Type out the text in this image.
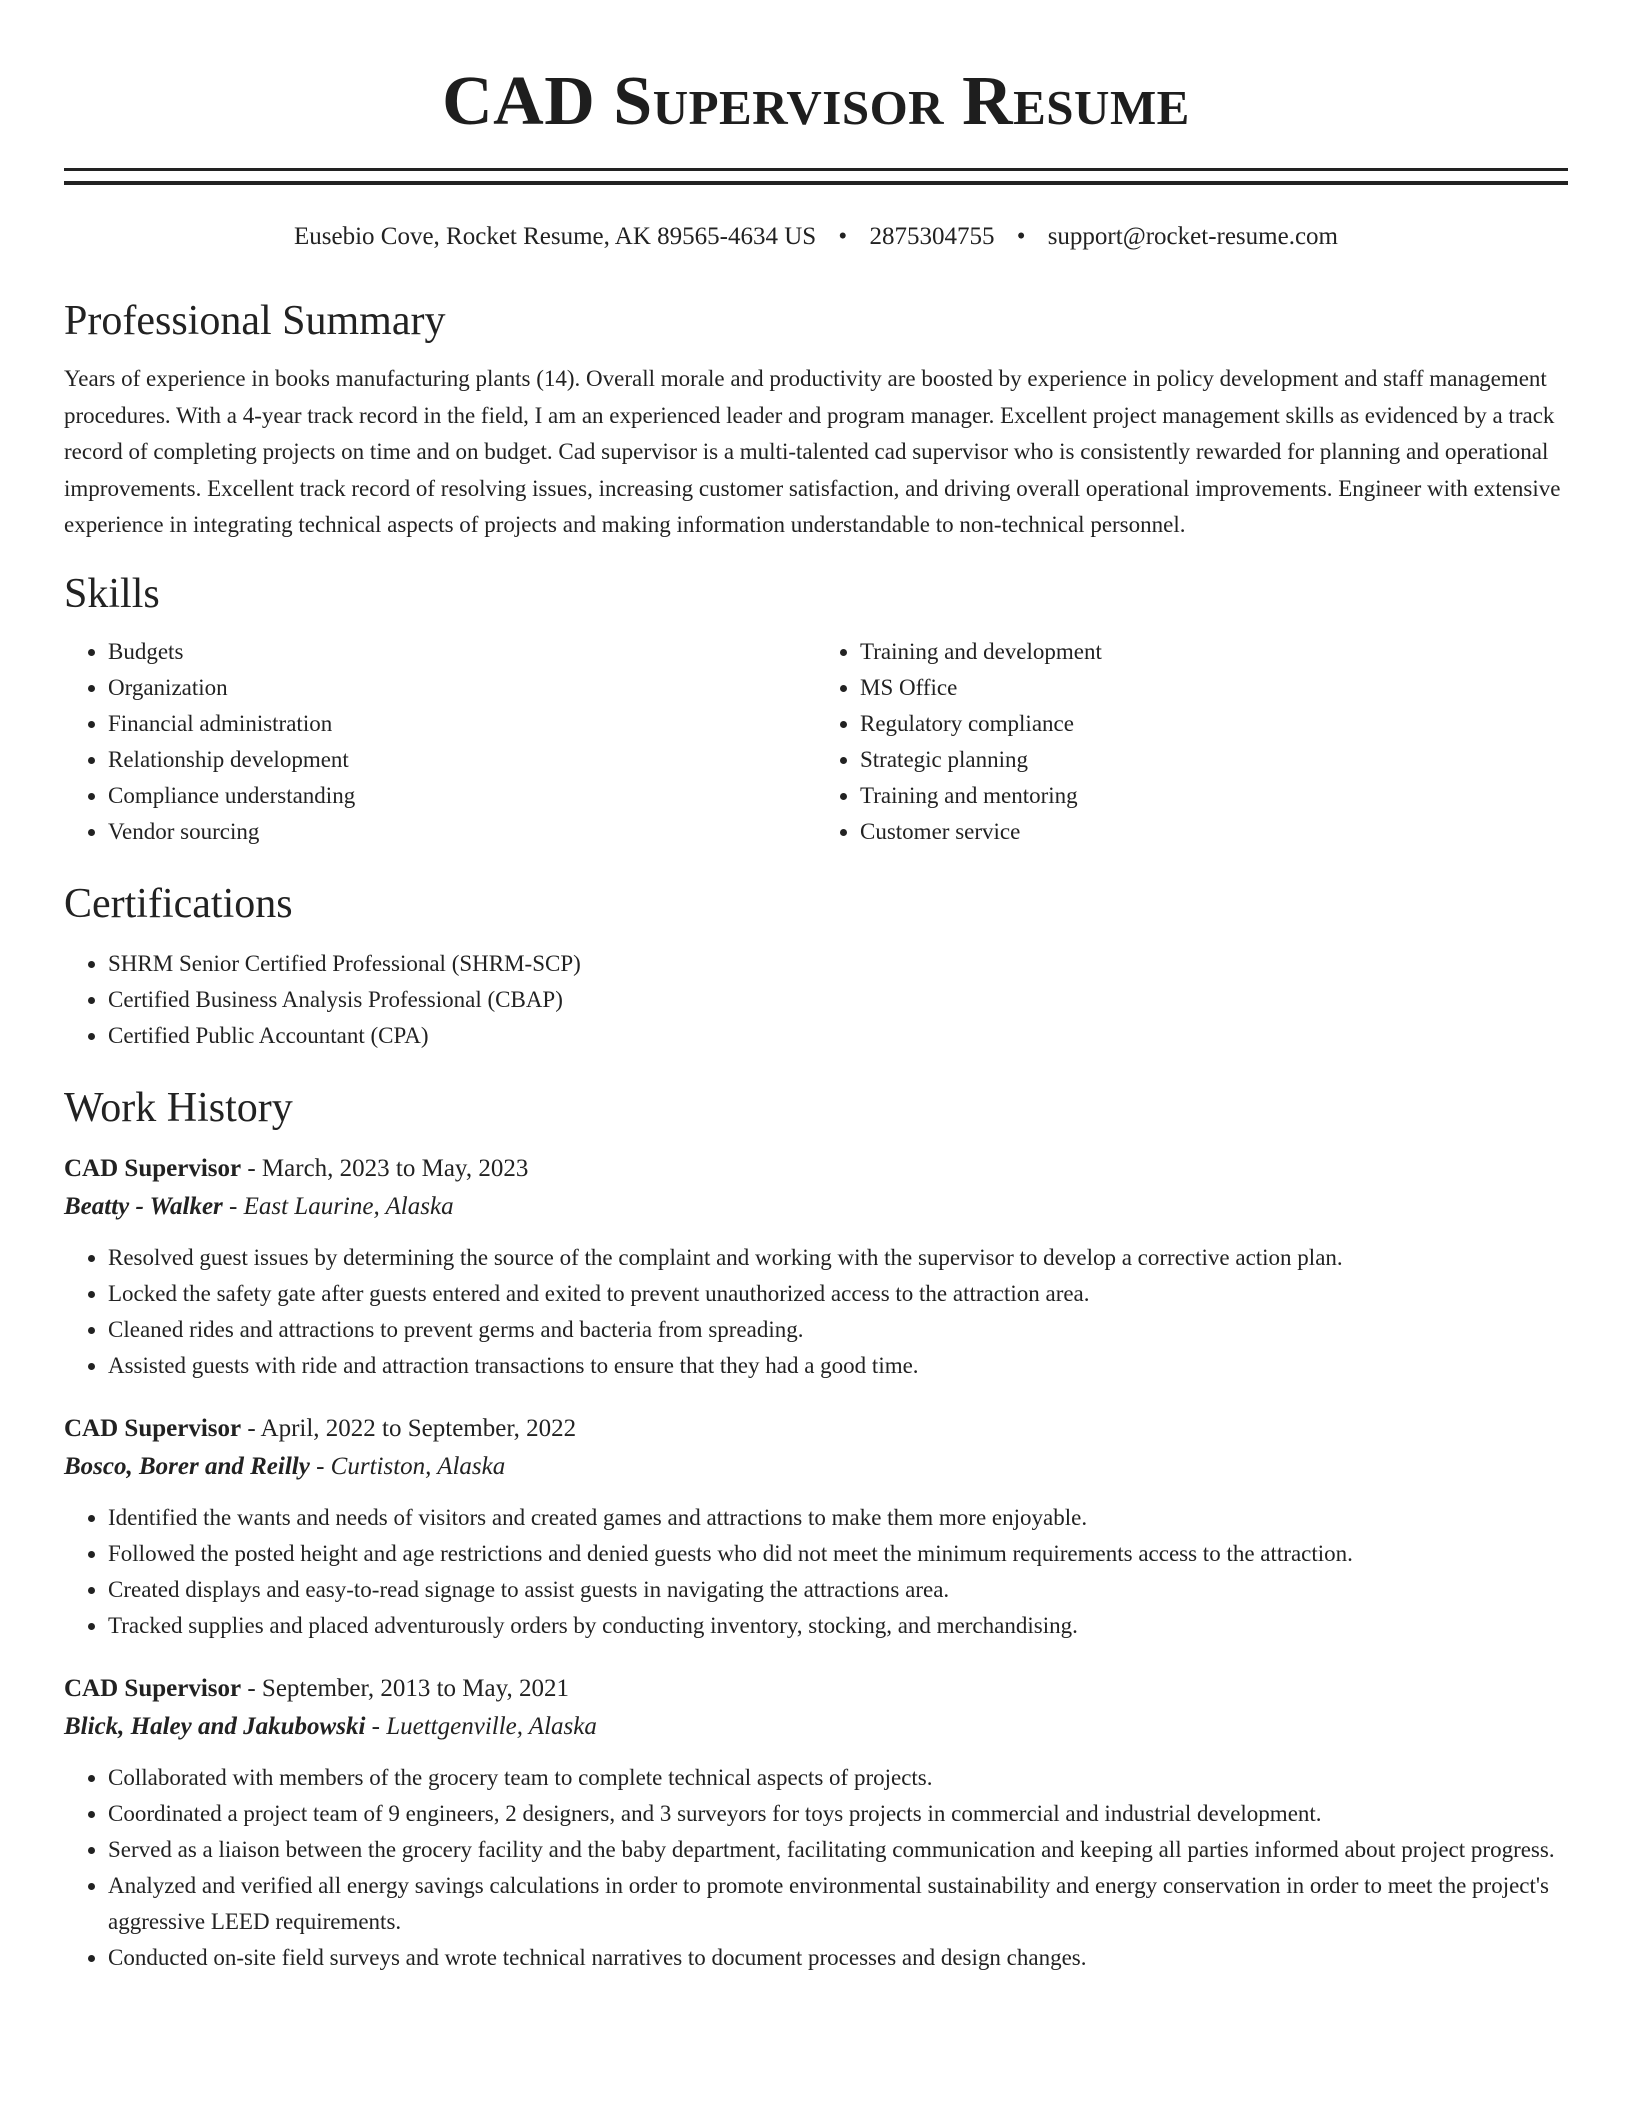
CAD Supervisor Resume
Eusebio Cove, Rocket Resume, AK 89565-4634 US • 2875304755 • support@rocket-resume.com
Professional Summary
Years of experience in books manufacturing plants (14). Overall morale and productivity are boosted by experience in policy development and staff management procedures. With a 4-year track record in the field, I am an experienced leader and program manager. Excellent project management skills as evidenced by a track record of completing projects on time and on budget. Cad supervisor is a multi-talented cad supervisor who is consistently rewarded for planning and operational improvements. Excellent track record of resolving issues, increasing customer satisfaction, and driving overall operational improvements. Engineer with extensive experience in integrating technical aspects of projects and making information understandable to non-technical personnel.
Skills
• Budgets
• Organization
• Financial administration
• Relationship development
• Compliance understanding
• Vendor sourcing
• Training and development
• MS Office
• Regulatory compliance
• Strategic planning
• Training and mentoring
• Customer service
Certifications
• SHRM Senior Certified Professional (SHRM-SCP)
• Certified Business Analysis Professional (CBAP)
• Certified Public Accountant (CPA)
Work History
CAD Supervisor - March, 2023 to May, 2023
Beatty - Walker - East Laurine, Alaska
• Resolved guest issues by determining the source of the complaint and working with the supervisor to develop a corrective action plan.
• Locked the safety gate after guests entered and exited to prevent unauthorized access to the attraction area.
• Cleaned rides and attractions to prevent germs and bacteria from spreading.
• Assisted guests with ride and attraction transactions to ensure that they had a good time.
CAD Supervisor - April, 2022 to September, 2022
Bosco, Borer and Reilly - Curtiston, Alaska
• Identified the wants and needs of visitors and created games and attractions to make them more enjoyable.
• Followed the posted height and age restrictions and denied guests who did not meet the minimum requirements access to the attraction.
• Created displays and easy-to-read signage to assist guests in navigating the attractions area.
• Tracked supplies and placed adventurously orders by conducting inventory, stocking, and merchandising.
CAD Supervisor - September, 2013 to May, 2021
Blick, Haley and Jakubowski - Luettgenville, Alaska
• Collaborated with members of the grocery team to complete technical aspects of projects.
• Coordinated a project team of 9 engineers, 2 designers, and 3 surveyors for toys projects in commercial and industrial development.
• Served as a liaison between the grocery facility and the baby department, facilitating communication and keeping all parties informed about project progress.
• Analyzed and verified all energy savings calculations in order to promote environmental sustainability and energy conservation in order to meet the project's aggressive LEED requirements.
• Conducted on-site field surveys and wrote technical narratives to document processes and design changes.
